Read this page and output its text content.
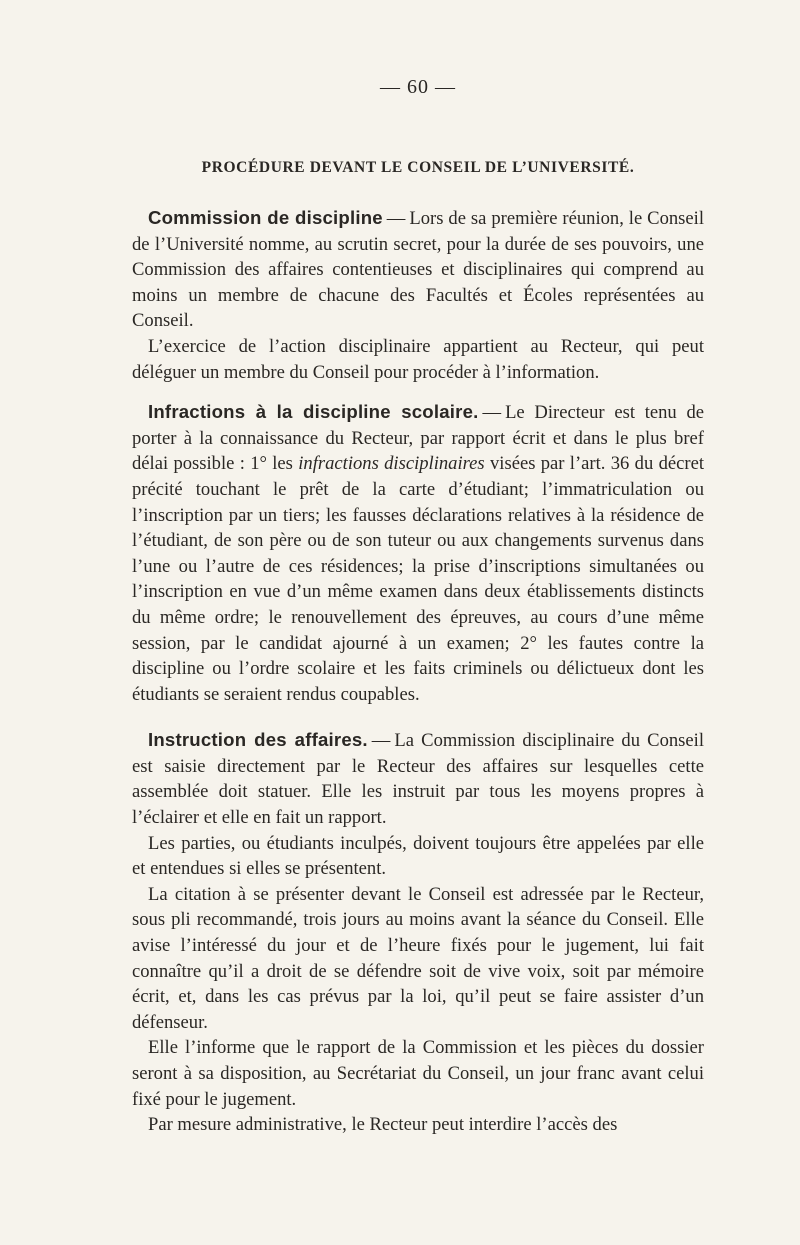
— 60 —

PROCÉDURE DEVANT LE CONSEIL DE L’UNIVERSITÉ.

Commission de discipline — Lors de sa première réunion, le Conseil de l’Université nomme, au scrutin secret, pour la durée de ses pouvoirs, une Commission des affaires contentieuses et disciplinaires qui comprend au moins un membre de chacune des Facultés et Écoles représentées au Conseil.

L’exercice de l’action disciplinaire appartient au Recteur, qui peut déléguer un membre du Conseil pour procéder à l’information.

Infractions à la discipline scolaire. — Le Directeur est tenu de porter à la connaissance du Recteur, par rapport écrit et dans le plus bref délai possible : 1° les infractions disciplinaires visées par l’art. 36 du décret précité touchant le prêt de la carte d’étudiant; l’immatriculation ou l’inscription par un tiers; les fausses déclarations relatives à la résidence de l’étudiant, de son père ou de son tuteur ou aux changements survenus dans l’une ou l’autre de ces résidences; la prise d’inscriptions simultanées ou l’inscription en vue d’un même examen dans deux établissements distincts du même ordre; le renouvellement des épreuves, au cours d’une même session, par le candidat ajourné à un examen; 2° les fautes contre la discipline ou l’ordre scolaire et les faits criminels ou délictueux dont les étudiants se seraient rendus coupables.

Instruction des affaires. — La Commission disciplinaire du Conseil est saisie directement par le Recteur des affaires sur lesquelles cette assemblée doit statuer. Elle les instruit par tous les moyens propres à l’éclairer et elle en fait un rapport.

Les parties, ou étudiants inculpés, doivent toujours être appelées par elle et entendues si elles se présentent.

La citation à se présenter devant le Conseil est adressée par le Recteur, sous pli recommandé, trois jours au moins avant la séance du Conseil. Elle avise l’intéressé du jour et de l’heure fixés pour le jugement, lui fait connaître qu’il a droit de se défendre soit de vive voix, soit par mémoire écrit, et, dans les cas prévus par la loi, qu’il peut se faire assister d’un défenseur.

Elle l’informe que le rapport de la Commission et les pièces du dossier seront à sa disposition, au Secrétariat du Conseil, un jour franc avant celui fixé pour le jugement.

Par mesure administrative, le Recteur peut interdire l’accès des
